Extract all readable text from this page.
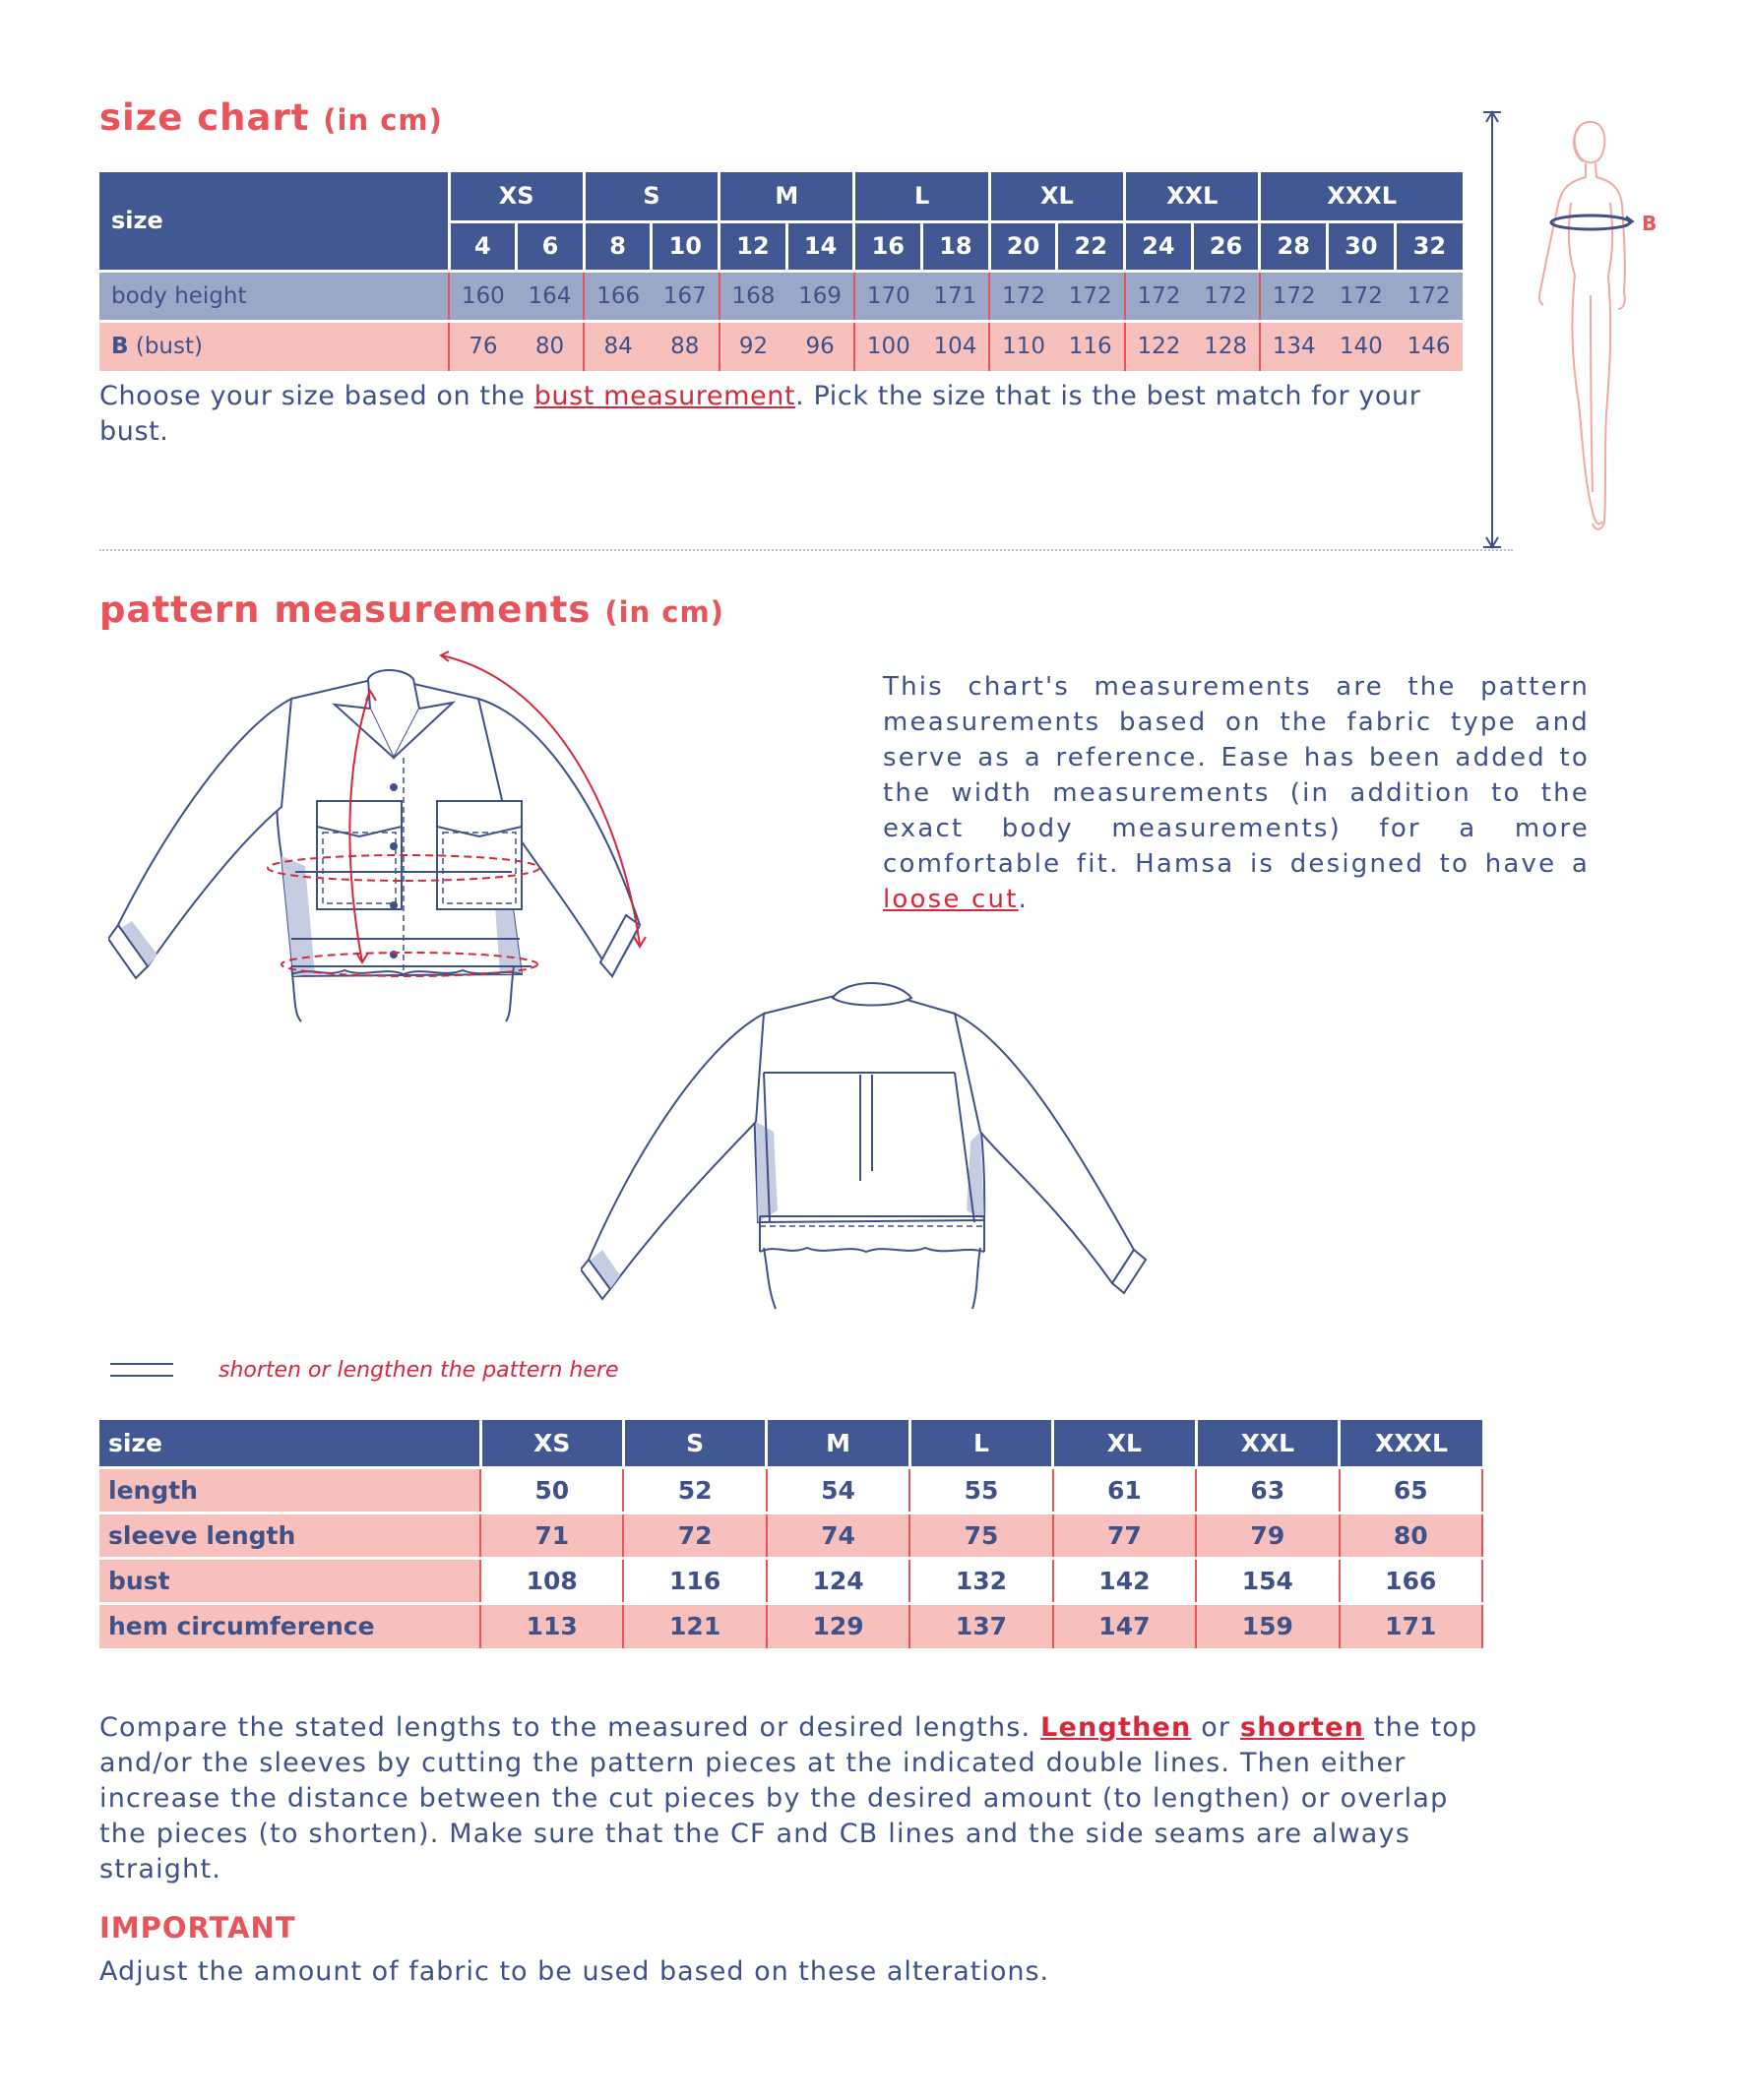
size chart (in cm)
size	XS		S		M		L		XL		XXL		XXXL		
	4	6	8	10	12	14	16	18	20	22	24	26	28	30	32
body height	160	164	166	167	168	169	170	171	172	172	172	172	172	172	172
B (bust)	76	80	84	88	92	96	100	104	110	116	122	128	134	140	146
Choose your size based on the bust measurement. Pick the size that is the best match for your bust.
B
pattern measurements (in cm)
This chart's measurements are the pattern measurements based on the fabric type and serve as a reference. Ease has been added to the width measurements (in addition to the exact body measurements) for a more comfortable fit. Hamsa is designed to have a loose cut.
shorten or lengthen the pattern here
size	XS	S	M	L	XL	XXL	XXXL
length	50	52	54	55	61	63	65
sleeve length	71	72	74	75	77	79	80
bust	108	116	124	132	142	154	166
hem circumference	113	121	129	137	147	159	171
Compare the stated lengths to the measured or desired lengths. Lengthen or shorten the top and/or the sleeves by cutting the pattern pieces at the indicated double lines. Then either increase the distance between the cut pieces by the desired amount (to lengthen) or overlap the pieces (to shorten). Make sure that the CF and CB lines and the side seams are always straight.
IMPORTANT
Adjust the amount of fabric to be used based on these alterations.
